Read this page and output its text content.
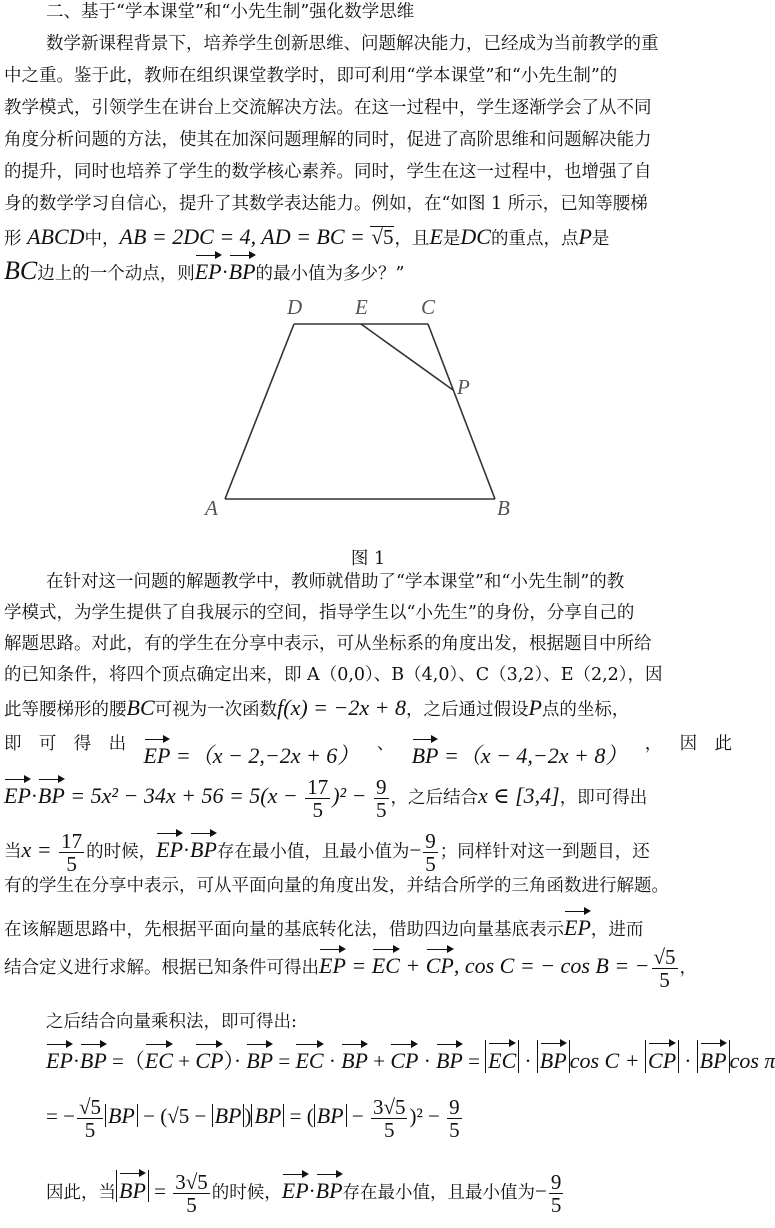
二、基于“学本课堂”和“小先生制”强化数学思维
数学新课程背景下，培养学生创新思维、问题解决能力，已经成为当前教学的重
中之重。鉴于此，教师在组织课堂教学时，即可利用“学本课堂”和“小先生制”的
教学模式，引领学生在讲台上交流解决方法。在这一过程中，学生逐渐学会了从不同
角度分析问题的方法，使其在加深问题理解的同时，促进了高阶思维和问题解决能力
的提升，同时也培养了学生的数学核心素养。同时，学生在这一过程中，也增强了自
身的数学学习自信心，提升了其数学表达能力。例如，在“如图 1 所示，已知等腰梯
形 ABCD中，AB = 2DC = 4, AD = BC = √5，且E是DC的重点，点P是
BC边上的一个动点，则EP·BP的最小值为多少？”
D	E	C
P
A	B
图 1
在针对这一问题的解题教学中，教师就借助了“学本课堂”和“小先生制”的教
学模式，为学生提供了自我展示的空间，指导学生以“小先生”的身份，分享自己的
解题思路。对此，有的学生在分享中表示，可从坐标系的角度出发，根据题目中所给
的已知条件，将四个顶点确定出来，即 A（0,0）、B（4,0）、C（3,2）、E（2,2），因
此等腰梯形的腰BC可视为一次函数f(x) = −2x + 8，之后通过假设P点的坐标，
即 可 得 出 EP =（x − 2,−2x + 6） 、 BP =（x − 4,−2x + 8） ， 因 此
$EP\cdot BP = 5x^2 - 34x + 56 = 5(x - \frac{17}{5} )^2 - \frac{9}{5}$ ，之后结合x ∈ [3,4]，即可得出
当$x = \frac{17}{5}$ 的时候，EP·BP存在最小值，且最小值为− $\frac{9}{5}$ ；同样针对这一到题目，还
有的学生在分享中表示，可从平面向量的角度出发，并结合所学的三角函数进行解题。
在该解题思路中，先根据平面向量的基底转化法，借助四边向量基底表示EP，进而
结合定义进行求解。根据已知条件可得出EP = EC + CP, cos C = − cos B = − $\frac{√5}{5}$ ，
之后结合向量乘积法，即可得出:
EP·BP =（EC + CP）· BP = EC · BP + CP · BP = EC · BP cos C + CP · BP cos π
= − $\frac{√5}{5}$ BP − (√5 − BP ) BP = ( BP − $\frac{3√5}{5} )^2 - \frac{9}{5}$
因此，当 BP = $\frac{3√5}{5}$ 的时候，EP·BP存在最小值，且最小值为− $\frac{9}{5}$
